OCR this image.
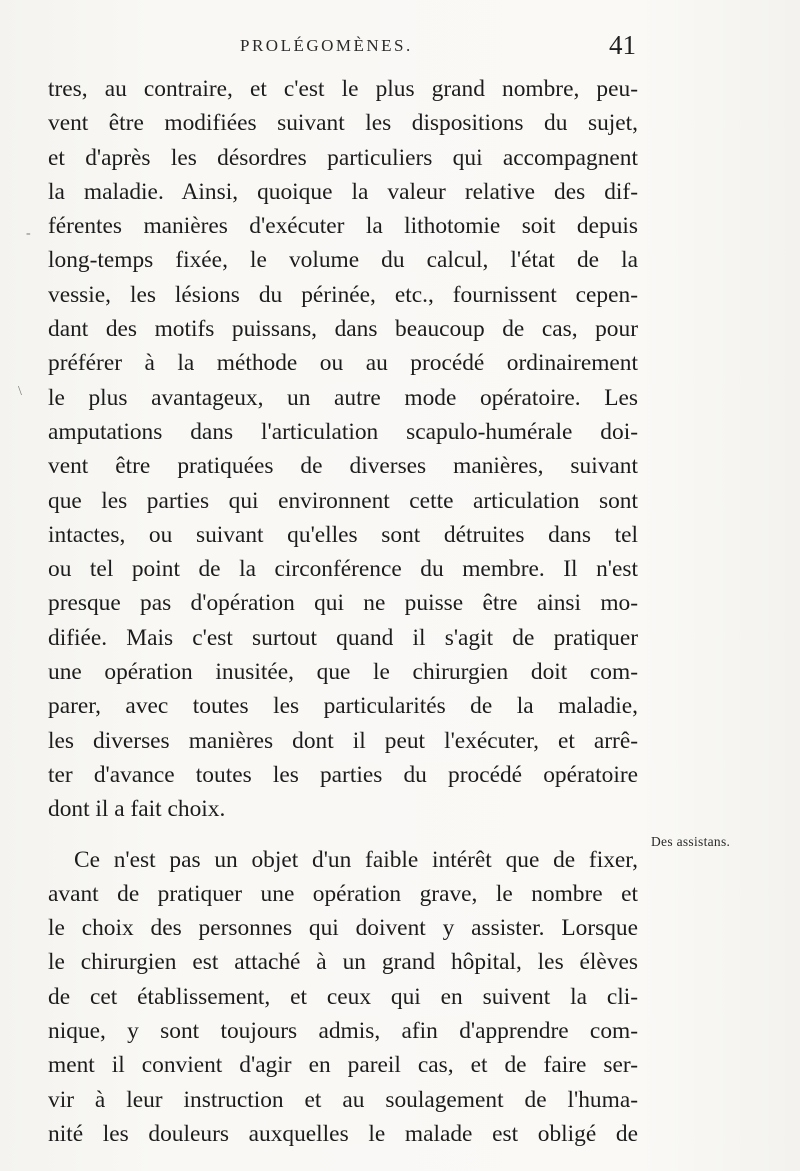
PROLÉGOMÈNES.	41
tres, au contraire, et c'est le plus grand nombre, peu-
vent être modifiées suivant les dispositions du sujet,
et d'après les désordres particuliers qui accompagnent
la maladie. Ainsi, quoique la valeur relative des dif-
férentes manières d'exécuter la lithotomie soit depuis
long-temps fixée, le volume du calcul, l'état de la
vessie, les lésions du périnée, etc., fournissent cepen-
dant des motifs puissans, dans beaucoup de cas, pour
préférer à la méthode ou au procédé ordinairement
le plus avantageux, un autre mode opératoire. Les
amputations dans l'articulation scapulo-humérale doi-
vent être pratiquées de diverses manières, suivant
que les parties qui environnent cette articulation sont
intactes, ou suivant qu'elles sont détruites dans tel
ou tel point de la circonférence du membre. Il n'est
presque pas d'opération qui ne puisse être ainsi mo-
difiée. Mais c'est surtout quand il s'agit de pratiquer
une opération inusitée, que le chirurgien doit com-
parer, avec toutes les particularités de la maladie,
les diverses manières dont il peut l'exécuter, et arrê-
ter d'avance toutes les parties du procédé opératoire
dont il a fait choix.
Ce n'est pas un objet d'un faible intérêt que de fixer,
avant de pratiquer une opération grave, le nombre et
le choix des personnes qui doivent y assister. Lorsque
le chirurgien est attaché à un grand hôpital, les élèves
de cet établissement, et ceux qui en suivent la cli-
nique, y sont toujours admis, afin d'apprendre com-
ment il convient d'agir en pareil cas, et de faire ser-
vir à leur instruction et au soulagement de l'huma-
nité les douleurs auxquelles le malade est obligé de
Des assistans.
-
\
